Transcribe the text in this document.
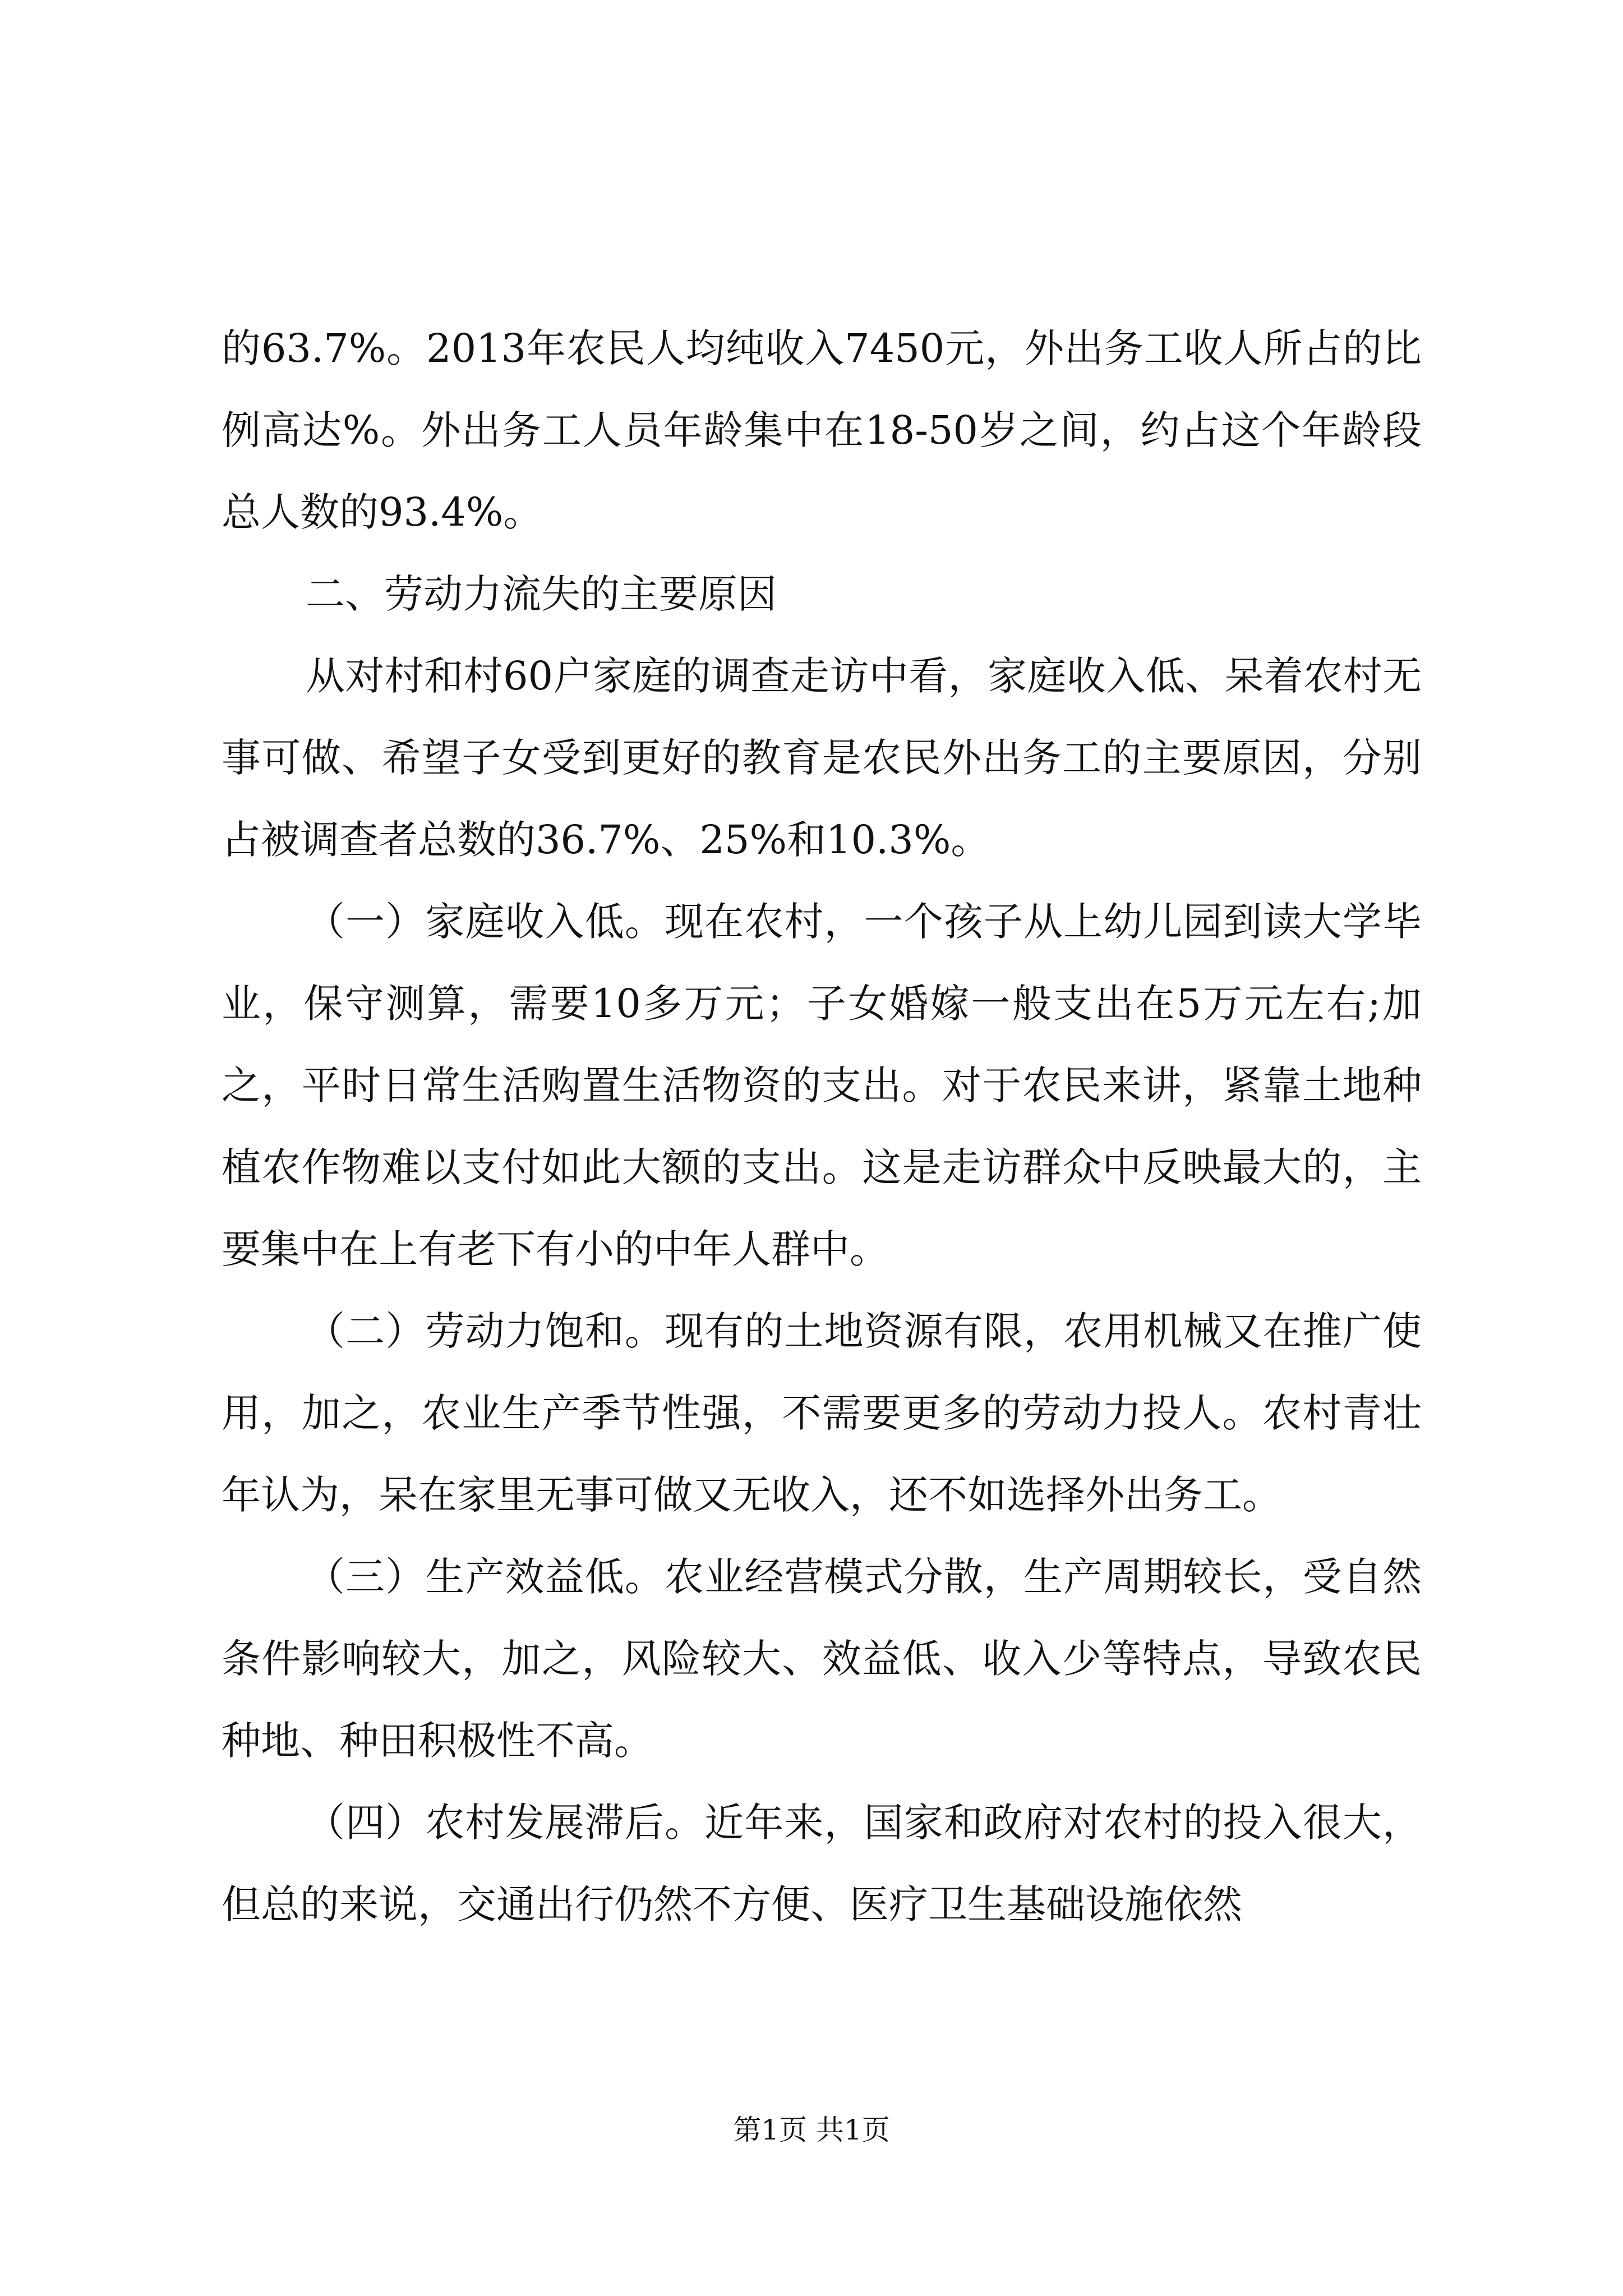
的63.7%。2013年农民人均纯收入7450元，外出务工收人所占的比例高达%。外出务工人员年龄集中在18-50岁之间，约占这个年龄段总人数的93.4%。

二、劳动力流失的主要原因

从对村和村60户家庭的调查走访中看，家庭收入低、呆着农村无事可做、希望子女受到更好的教育是农民外出务工的主要原因，分别占被调查者总数的36.7%、25%和10.3%。

（一）家庭收入低。现在农村，一个孩子从上幼儿园到读大学毕业，保守测算，需要10多万元；子女婚嫁一般支出在5万元左右;加之，平时日常生活购置生活物资的支出。对于农民来讲，紧靠土地种植农作物难以支付如此大额的支出。这是走访群众中反映最大的，主要集中在上有老下有小的中年人群中。

（二）劳动力饱和。现有的土地资源有限，农用机械又在推广使用，加之，农业生产季节性强，不需要更多的劳动力投人。农村青壮年认为，呆在家里无事可做又无收入，还不如选择外出务工。

（三）生产效益低。农业经营模式分散，生产周期较长，受自然条件影响较大，加之，风险较大、效益低、收入少等特点，导致农民种地、种田积极性不高。

（四）农村发展滞后。近年来，国家和政府对农村的投入很大，但总的来说，交通出行仍然不方便、医疗卫生基础设施依然

第1页 共1页
